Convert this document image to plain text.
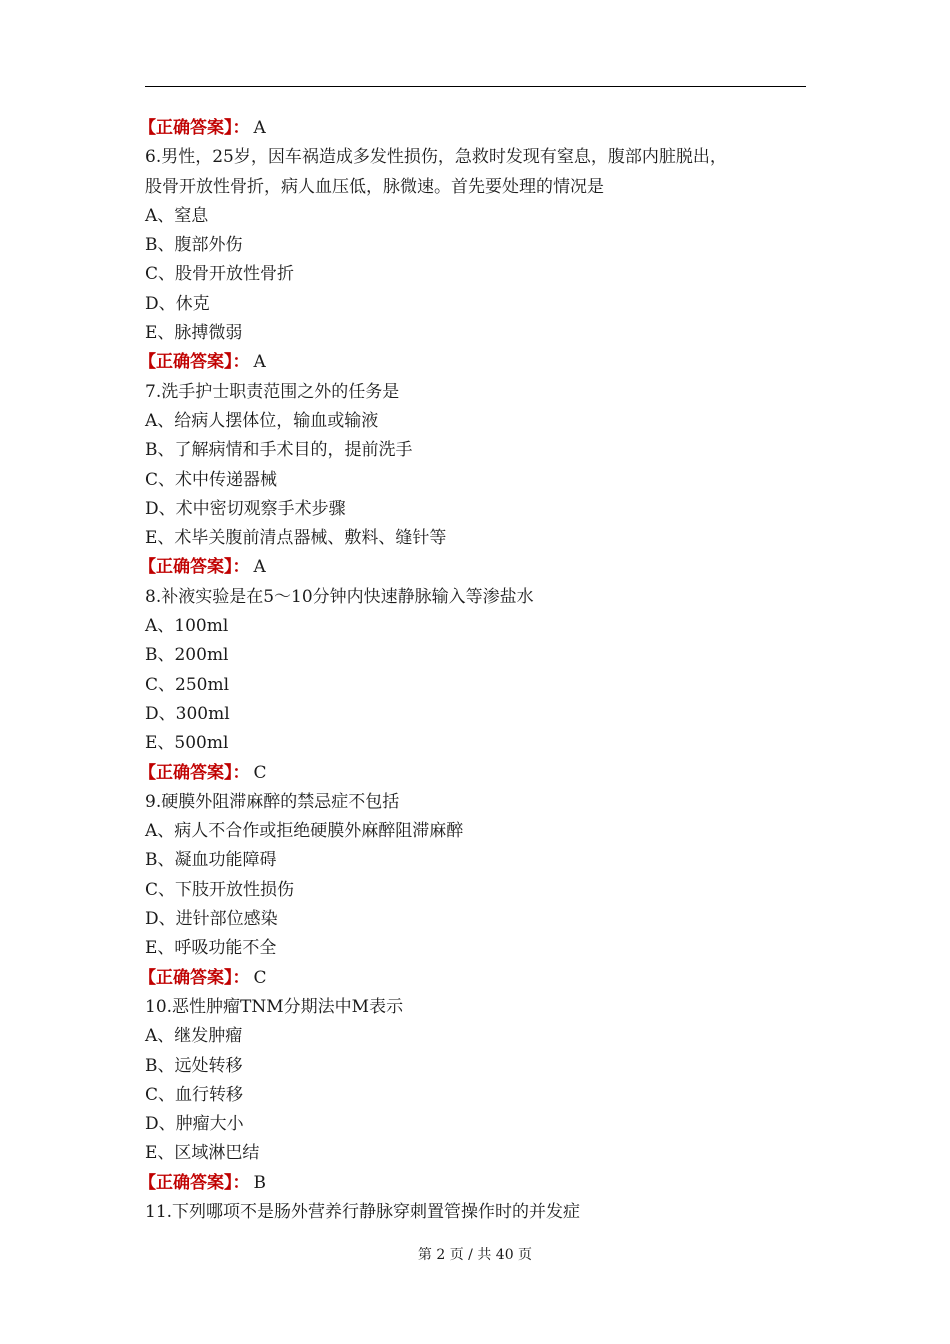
【正确答案】： A
6.男性，25岁，因车祸造成多发性损伤，急救时发现有窒息，腹部内脏脱出，
股骨开放性骨折，病人血压低，脉微速。首先要处理的情况是
A、窒息
B、腹部外伤
C、股骨开放性骨折
D、休克
E、脉搏微弱
【正确答案】： A
7.洗手护士职责范围之外的任务是
A、给病人摆体位，输血或输液
B、了解病情和手术目的，提前洗手
C、术中传递器械
D、术中密切观察手术步骤
E、术毕关腹前清点器械、敷料、缝针等
【正确答案】： A
8.补液实验是在5～10分钟内快速静脉输入等渗盐水
A、100ml
B、200ml
C、250ml
D、300ml
E、500ml
【正确答案】： C
9.硬膜外阻滞麻醉的禁忌症不包括
A、病人不合作或拒绝硬膜外麻醉阻滞麻醉
B、凝血功能障碍
C、下肢开放性损伤
D、进针部位感染
E、呼吸功能不全
【正确答案】： C
10.恶性肿瘤TNM分期法中M表示
A、继发肿瘤
B、远处转移
C、血行转移
D、肿瘤大小
E、区域淋巴结
【正确答案】： B
11.下列哪项不是肠外营养行静脉穿刺置管操作时的并发症
第 2 页 / 共 40 页
